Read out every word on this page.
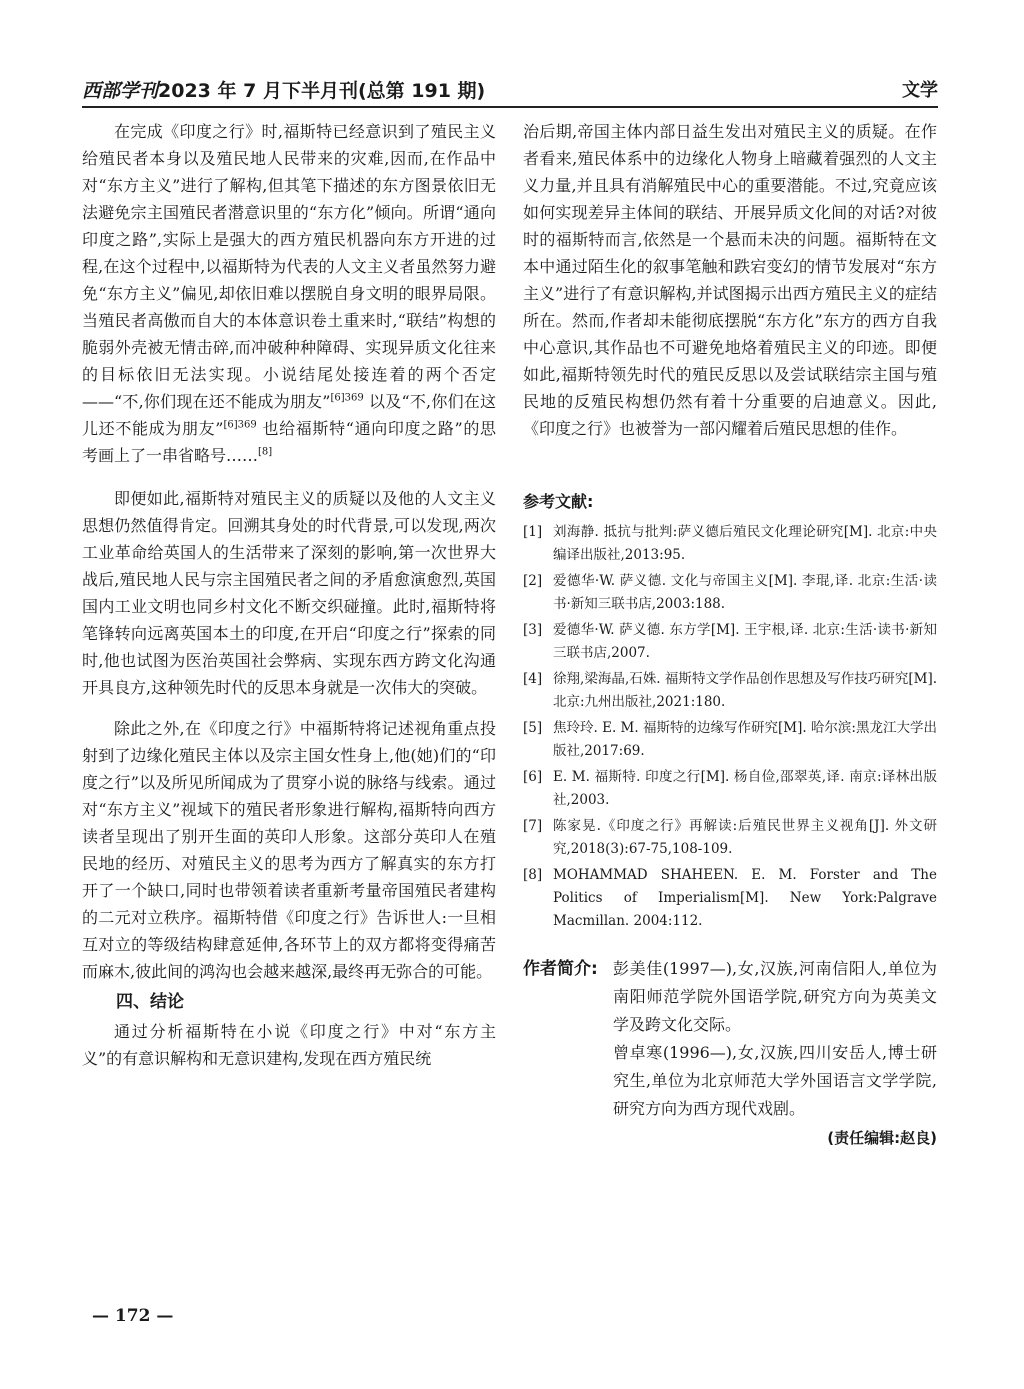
西部学刊2023 年 7 月下半月刊(总第 191 期)	文学

在完成《印度之行》时,福斯特已经意识到了殖民主义给殖民者本身以及殖民地人民带来的灾难,因而,在作品中对“东方主义”进行了解构,但其笔下描述的东方图景依旧无法避免宗主国殖民者潜意识里的“东方化”倾向。所谓“通向印度之路”,实际上是强大的西方殖民机器向东方开进的过程,在这个过程中,以福斯特为代表的人文主义者虽然努力避免“东方主义”偏见,却依旧难以摆脱自身文明的眼界局限。当殖民者高傲而自大的本体意识卷土重来时,“联结”构想的脆弱外壳被无情击碎,而冲破种种障碍、实现异质文化往来的目标依旧无法实现。小说结尾处接连着的两个否定——“不,你们现在还不能成为朋友”$^{[6]369}$ 以及“不,你们在这儿还不能成为朋友”$^{[6]369}$ 也给福斯特“通向印度之路”的思考画上了一串省略号……[8]

即便如此,福斯特对殖民主义的质疑以及他的人文主义思想仍然值得肯定。回溯其身处的时代背景,可以发现,两次工业革命给英国人的生活带来了深刻的影响,第一次世界大战后,殖民地人民与宗主国殖民者之间的矛盾愈演愈烈,英国国内工业文明也同乡村文化不断交织碰撞。此时,福斯特将笔锋转向远离英国本土的印度,在开启“印度之行”探索的同时,他也试图为医治英国社会弊病、实现东西方跨文化沟通开具良方,这种领先时代的反思本身就是一次伟大的突破。

除此之外,在《印度之行》中福斯特将记述视角重点投射到了边缘化殖民主体以及宗主国女性身上,他(她)们的“印度之行”以及所见所闻成为了贯穿小说的脉络与线索。通过对“东方主义”视域下的殖民者形象进行解构,福斯特向西方读者呈现出了别开生面的英印人形象。这部分英印人在殖民地的经历、对殖民主义的思考为西方了解真实的东方打开了一个缺口,同时也带领着读者重新考量帝国殖民者建构的二元对立秩序。福斯特借《印度之行》告诉世人:一旦相互对立的等级结构肆意延伸,各环节上的双方都将变得痛苦而麻木,彼此间的鸿沟也会越来越深,最终再无弥合的可能。

四、结论

通过分析福斯特在小说《印度之行》中对“东方主义”的有意识解构和无意识建构,发现在西方殖民统

治后期,帝国主体内部日益生发出对殖民主义的质疑。在作者看来,殖民体系中的边缘化人物身上暗藏着强烈的人文主义力量,并且具有消解殖民中心的重要潜能。不过,究竟应该如何实现差异主体间的联结、开展异质文化间的对话?对彼时的福斯特而言,依然是一个悬而未决的问题。福斯特在文本中通过陌生化的叙事笔触和跌宕变幻的情节发展对“东方主义”进行了有意识解构,并试图揭示出西方殖民主义的症结所在。然而,作者却未能彻底摆脱“东方化”东方的西方自我中心意识,其作品也不可避免地烙着殖民主义的印迹。即便如此,福斯特领先时代的殖民反思以及尝试联结宗主国与殖民地的反殖民构想仍然有着十分重要的启迪意义。因此,《印度之行》也被誉为一部闪耀着后殖民思想的佳作。

参考文献:
[1] 刘海静. 抵抗与批判:萨义德后殖民文化理论研究[M]. 北京:中央编译出版社,2013:95.
[2] 爱德华·W. 萨义德. 文化与帝国主义[M]. 李琨,译. 北京:生活·读书·新知三联书店,2003:188.
[3] 爱德华·W. 萨义德. 东方学[M]. 王宇根,译. 北京:生活·读书·新知三联书店,2007.
[4] 徐翔,梁海晶,石姝. 福斯特文学作品创作思想及写作技巧研究[M]. 北京:九州出版社,2021:180.
[5] 焦玲玲. E. M. 福斯特的边缘写作研究[M]. 哈尔滨:黑龙江大学出版社,2017:69.
[6] E. M. 福斯特. 印度之行[M]. 杨自俭,邵翠英,译. 南京:译林出版社,2003.
[7] 陈家晃.《印度之行》再解读:后殖民世界主义视角[J]. 外文研究,2018(3):67-75,108-109.
[8] MOHAMMAD SHAHEEN. E. M. Forster and The Politics of Imperialism[M]. New York:Palgrave Macmillan. 2004:112.
作者简介: 彭美佳(1997—),女,汉族,河南信阳人,单位为南阳师范学院外国语学院,研究方向为英美文学及跨文化交际。
曾卓寒(1996—),女,汉族,四川安岳人,博士研究生,单位为北京师范大学外国语言文学学院,研究方向为西方现代戏剧。
(责任编辑:赵良)
— 172 —
